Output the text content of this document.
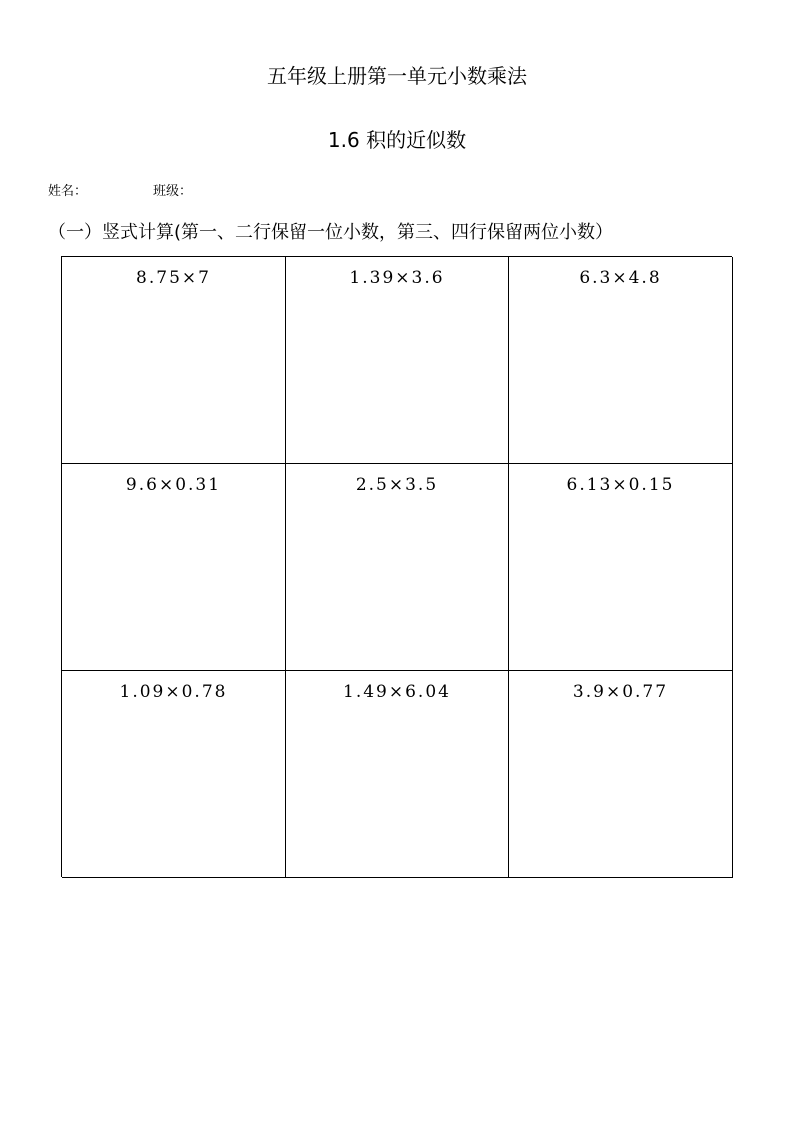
五年级上册第一单元小数乘法
1.6 积的近似数
姓名：	班级：
（一）竖式计算(第一、二行保留一位小数，第三、四行保留两位小数）
8.75×7	1.39×3.6	6.3×4.8
9.6×0.31	2.5×3.5	6.13×0.15
1.09×0.78	1.49×6.04	3.9×0.77
